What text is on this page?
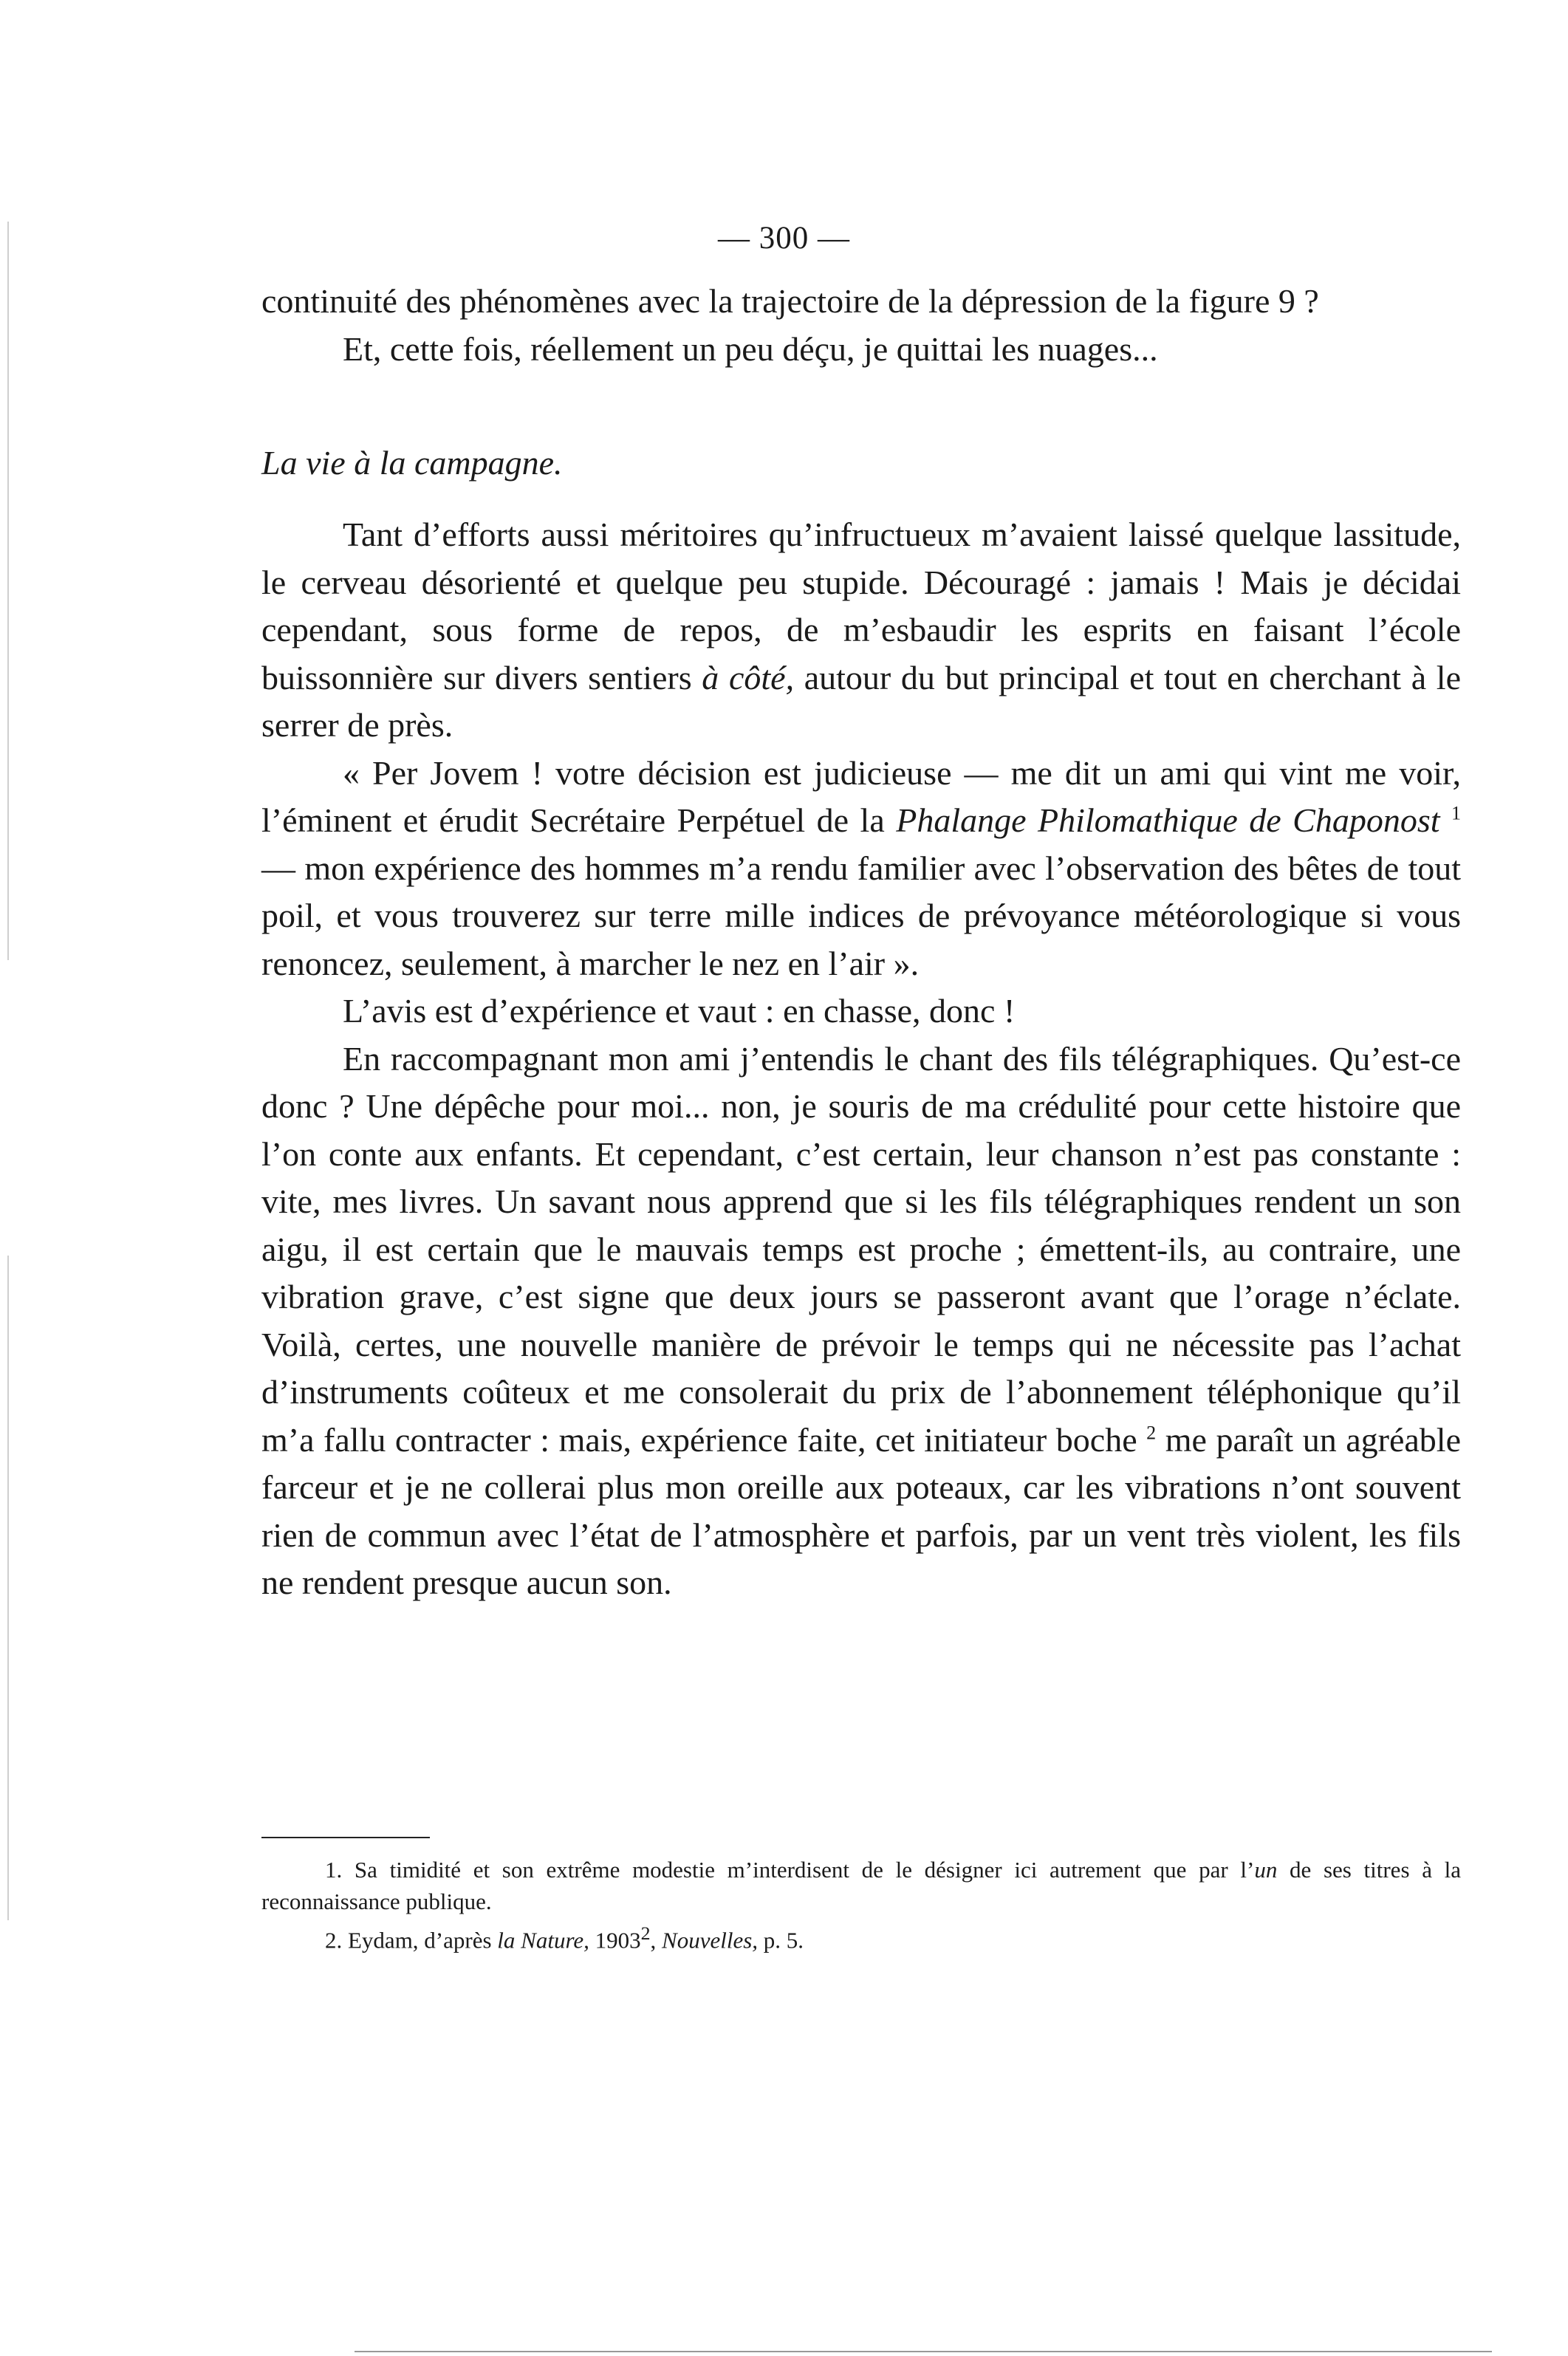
— 300 —

continuité des phénomènes avec la trajectoire de la dépression de la figure 9 ?

Et, cette fois, réellement un peu déçu, je quittai les nuages...

La vie à la campagne.

Tant d’efforts aussi méritoires qu’infructueux m’avaient laissé quelque lassitude, le cerveau désorienté et quelque peu stupide. Découragé : jamais ! Mais je décidai cependant, sous forme de repos, de m’esbaudir les esprits en faisant l’école buissonnière sur divers sentiers à côté, autour du but principal et tout en cherchant à le serrer de près.

« Per Jovem ! votre décision est judicieuse — me dit un ami qui vint me voir, l’éminent et érudit Secrétaire Perpétuel de la Phalange Philomathique de Chaponost $^1$ — mon expérience des hommes m’a rendu familier avec l’observation des bêtes de tout poil, et vous trouverez sur terre mille indices de prévoyance météorologique si vous renoncez, seulement, à marcher le nez en l’air ».

L’avis est d’expérience et vaut : en chasse, donc !

En raccompagnant mon ami j’entendis le chant des fils télégraphiques. Qu’est-ce donc ? Une dépêche pour moi... non, je souris de ma crédulité pour cette histoire que l’on conte aux enfants. Et cependant, c’est certain, leur chanson n’est pas constante : vite, mes livres. Un savant nous apprend que si les fils télégraphiques rendent un son aigu, il est certain que le mauvais temps est proche ; émettent-ils, au contraire, une vibration grave, c’est signe que deux jours se passeront avant que l’orage n’éclate. Voilà, certes, une nouvelle manière de prévoir le temps qui ne nécessite pas l’achat d’instruments coûteux et me consolerait du prix de l’abonnement téléphonique qu’il m’a fallu contracter : mais, expérience faite, cet initiateur boche $^2$ me paraît un agréable farceur et je ne collerai plus mon oreille aux poteaux, car les vibrations n’ont souvent rien de commun avec l’état de l’atmosphère et parfois, par un vent très violent, les fils ne rendent presque aucun son.

1. Sa timidité et son extrême modestie m’interdisent de le désigner ici autrement que par l’un de ses titres à la reconnaissance publique.

2. Eydam, d’après la Nature, 1903$^2$, Nouvelles, p. 5.
